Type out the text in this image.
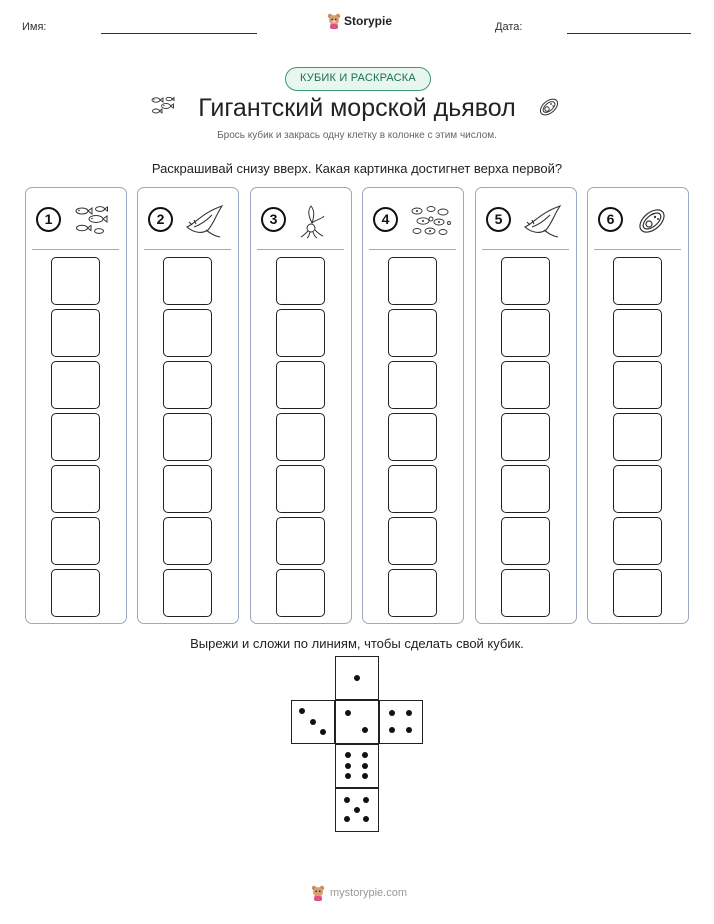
Имя:	Storypie	Дата:
КУБИК И РАСКРАСКА
Гигантский морской дьявол
Брось кубик и закрась одну клетку в колонке с этим числом.
Раскрашивай снизу вверх. Какая картинка достигнет верха первой?
1	2	3	4	5	6
Вырежи и сложи по линиям, чтобы сделать свой кубик.
mystorypie.com
